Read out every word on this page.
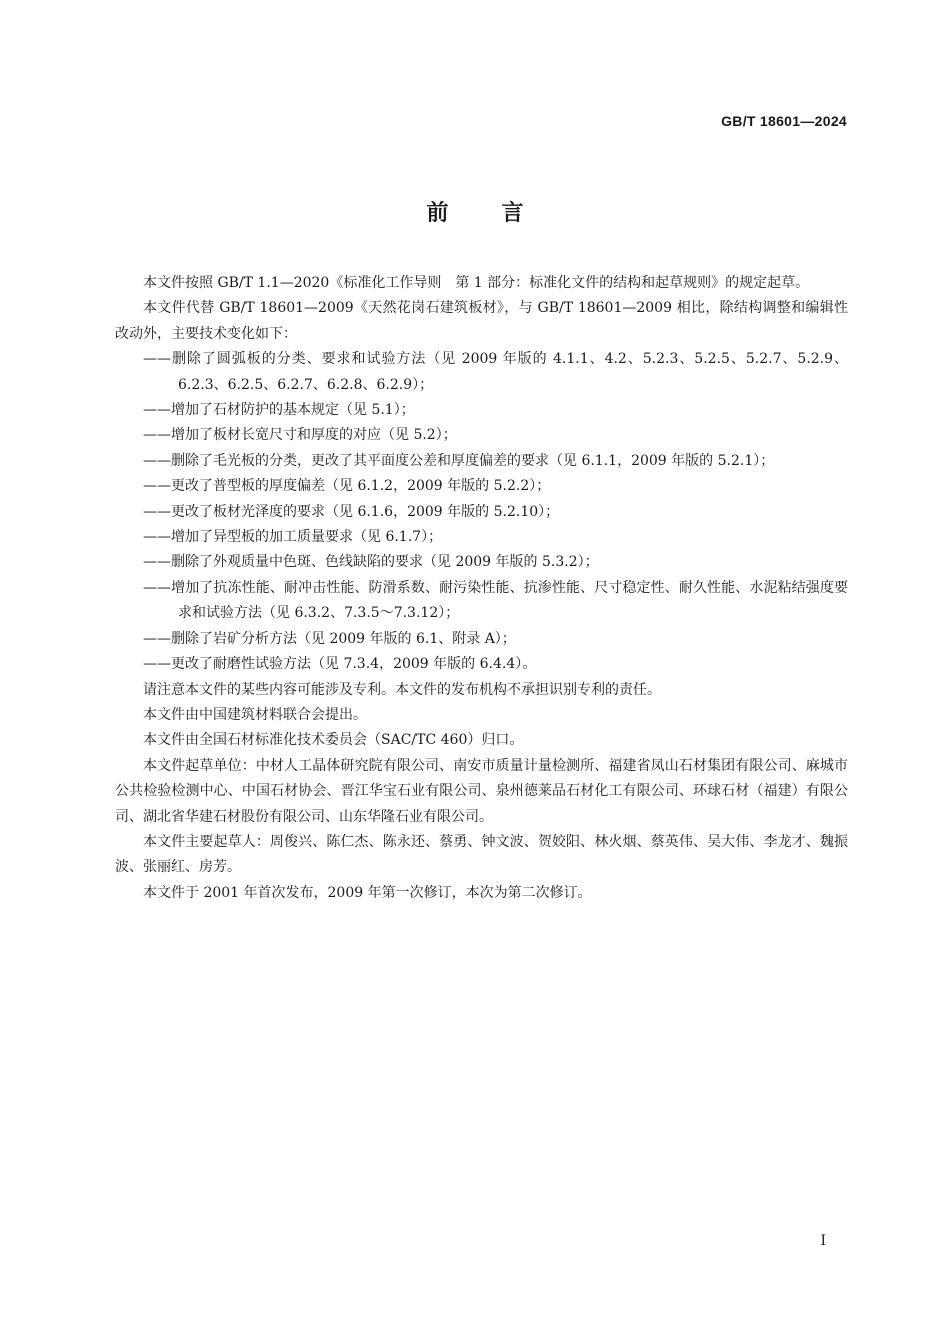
GB/T 18601—2024
前 言

本文件按照 GB/T 1.1—2020《标准化工作导则　第 1 部分：标准化文件的结构和起草规则》的规定起草。

本文件代替 GB/T 18601—2009《天然花岗石建筑板材》，与 GB/T 18601—2009 相比，除结构调整和编辑性改动外，主要技术变化如下：

——删除了圆弧板的分类、要求和试验方法（见 2009 年版的 4.1.1、4.2、5.2.3、5.2.5、5.2.7、5.2.9、6.2.3、6.2.5、6.2.7、6.2.8、6.2.9）；

——增加了石材防护的基本规定（见 5.1）；

——增加了板材长宽尺寸和厚度的对应（见 5.2）；

——删除了毛光板的分类，更改了其平面度公差和厚度偏差的要求（见 6.1.1，2009 年版的 5.2.1）；

——更改了普型板的厚度偏差（见 6.1.2，2009 年版的 5.2.2）；

——更改了板材光泽度的要求（见 6.1.6，2009 年版的 5.2.10）；

——增加了异型板的加工质量要求（见 6.1.7）；

——删除了外观质量中色斑、色线缺陷的要求（见 2009 年版的 5.3.2）；

——增加了抗冻性能、耐冲击性能、防滑系数、耐污染性能、抗渗性能、尺寸稳定性、耐久性能、水泥粘结强度要求和试验方法（见 6.3.2、7.3.5～7.3.12）；

——删除了岩矿分析方法（见 2009 年版的 6.1、附录 A）；

——更改了耐磨性试验方法（见 7.3.4，2009 年版的 6.4.4）。

请注意本文件的某些内容可能涉及专利。本文件的发布机构不承担识别专利的责任。

本文件由中国建筑材料联合会提出。

本文件由全国石材标准化技术委员会（SAC/TC 460）归口。

本文件起草单位：中材人工晶体研究院有限公司、南安市质量计量检测所、福建省凤山石材集团有限公司、麻城市公共检验检测中心、中国石材协会、晋江华宝石业有限公司、泉州德莱品石材化工有限公司、环球石材（福建）有限公司、湖北省华建石材股份有限公司、山东华隆石业有限公司。

本文件主要起草人：周俊兴、陈仁杰、陈永还、蔡勇、钟文波、贺姣阳、林火烟、蔡英伟、吴大伟、李龙才、魏振波、张丽红、房芳。

本文件于 2001 年首次发布，2009 年第一次修订，本次为第二次修订。

I
